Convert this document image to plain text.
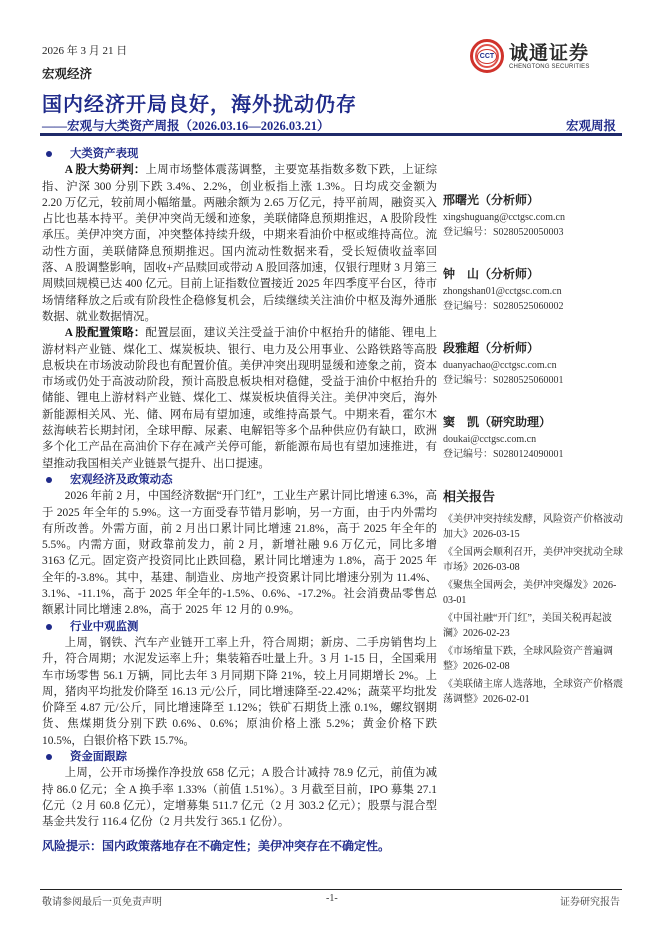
2026 年 3 月 21 日
宏观经济
CCT 诚通证券
CHENGTONG SECURITIES
国内经济开局良好，海外扰动仍存
——宏观与大类资产周报（2026.03.16—2026.03.21）	宏观周报
大类资产表现

A 股大势研判：上周市场整体震荡调整，主要宽基指数多数下跌，上证综指、沪深 300 分别下跌 3.4%、2.2%，创业板指上涨 1.3%。日均成交金额为 2.20 万亿元，较前周小幅缩量。两融余额为 2.65 万亿元，持平前周，融资买入占比也基本持平。美伊冲突尚无缓和迹象，美联储降息预期推迟，A 股阶段性承压。美伊冲突方面，冲突整体持续升级，中期来看油价中枢或维持高位。流动性方面，美联储降息预期推迟。国内流动性数据来看，受长短债收益率回落、A 股调整影响，固收+产品赎回或带动 A 股回落加速，仅银行理财 3 月第三周赎回规模已达 400 亿元。目前上证指数位置接近 2025 年四季度平台区，待市场情绪释放之后或有阶段性企稳修复机会，后续继续关注油价中枢及海外通胀数据、就业数据情况。

A 股配置策略：配置层面，建议关注受益于油价中枢抬升的储能、锂电上游材料产业链、煤化工、煤炭板块、银行、电力及公用事业、公路铁路等高股息板块在市场波动阶段也有配置价值。美伊冲突出现明显缓和迹象之前，资本市场或仍处于高波动阶段，预计高股息板块相对稳健，受益于油价中枢抬升的储能、锂电上游材料产业链、煤化工、煤炭板块值得关注。美伊冲突后，海外新能源相关风、光、储、网布局有望加速，或维持高景气。中期来看，霍尔木兹海峡若长期封闭，全球甲醇、尿素、电解铝等多个品种供应仍有缺口，欧洲多个化工产品在高油价下存在减产关停可能，新能源布局也有望加速推进，有望推动我国相关产业链景气提升、出口提速。

宏观经济及政策动态

2026 年前 2 月，中国经济数据“开门红”，工业生产累计同比增速 6.3%，高于 2025 年全年的 5.9%。这一方面受春节错月影响，另一方面，由于内外需均有所改善。外需方面，前 2 月出口累计同比增速 21.8%，高于 2025 年全年的 5.5%。内需方面，财政靠前发力，前 2 月，新增社融 9.6 万亿元，同比多增 3163 亿元。固定资产投资同比止跌回稳，累计同比增速为 1.8%，高于 2025 年全年的-3.8%。其中，基建、制造业、房地产投资累计同比增速分别为 11.4%、3.1%、-11.1%，高于 2025 年全年的-1.5%、0.6%、-17.2%。社会消费品零售总额累计同比增速 2.8%，高于 2025 年 12 月的 0.9%。

行业中观监测

上周，钢铁、汽车产业链开工率上升，符合周期；新房、二手房销售均上升，符合周期；水泥发运率上升；集装箱吞吐量上升。3 月 1-15 日，全国乘用车市场零售 56.1 万辆，同比去年 3 月同期下降 21%，较上月同期增长 2%。上周，猪肉平均批发价降至 16.13 元/公斤，同比增速降至-22.42%；蔬菜平均批发价降至 4.87 元/公斤，同比增速降至 1.12%；铁矿石期货上涨 0.1%，螺纹钢期货、焦煤期货分别下跌 0.6%、0.6%；原油价格上涨 5.2%；黄金价格下跌 10.5%，白银价格下跌 15.7%。

资金面跟踪

上周，公开市场操作净投放 658 亿元；A 股合计减持 78.9 亿元，前值为减持 86.0 亿元；全 A 换手率 1.33%（前值 1.51%）。3 月截至目前，IPO 募集 27.1 亿元（2 月 60.8 亿元），定增募集 511.7 亿元（2 月 303.2 亿元）；股票与混合型基金共发行 116.4 亿份（2 月共发行 365.1 亿份）。

风险提示：国内政策落地存在不确定性；美伊冲突存在不确定性。
邢曙光（分析师）
xingshuguang@cctgsc.com.cn
登记编号：S0280520050003
钟　山（分析师）
zhongshan01@cctgsc.com.cn
登记编号：S0280525060002
段雅超（分析师）
duanyachao@cctgsc.com.cn
登记编号：S0280525060001
窦　凯（研究助理）
doukai@cctgsc.com.cn
登记编号：S0280124090001
相关报告
《美伊冲突持续发酵，风险资产价格波动加大》2026-03-15
《全国两会顺利召开，美伊冲突扰动全球市场》2026-03-08
《聚焦全国两会，美伊冲突爆发》2026-03-01
《中国社融“开门红”，美国关税再起波澜》2026-02-23
《市场缩量下跌，全球风险资产普遍调整》2026-02-08
《美联储主席人选落地，全球资产价格震荡调整》2026-02-01
敬请参阅最后一页免责声明	-1-	证券研究报告
